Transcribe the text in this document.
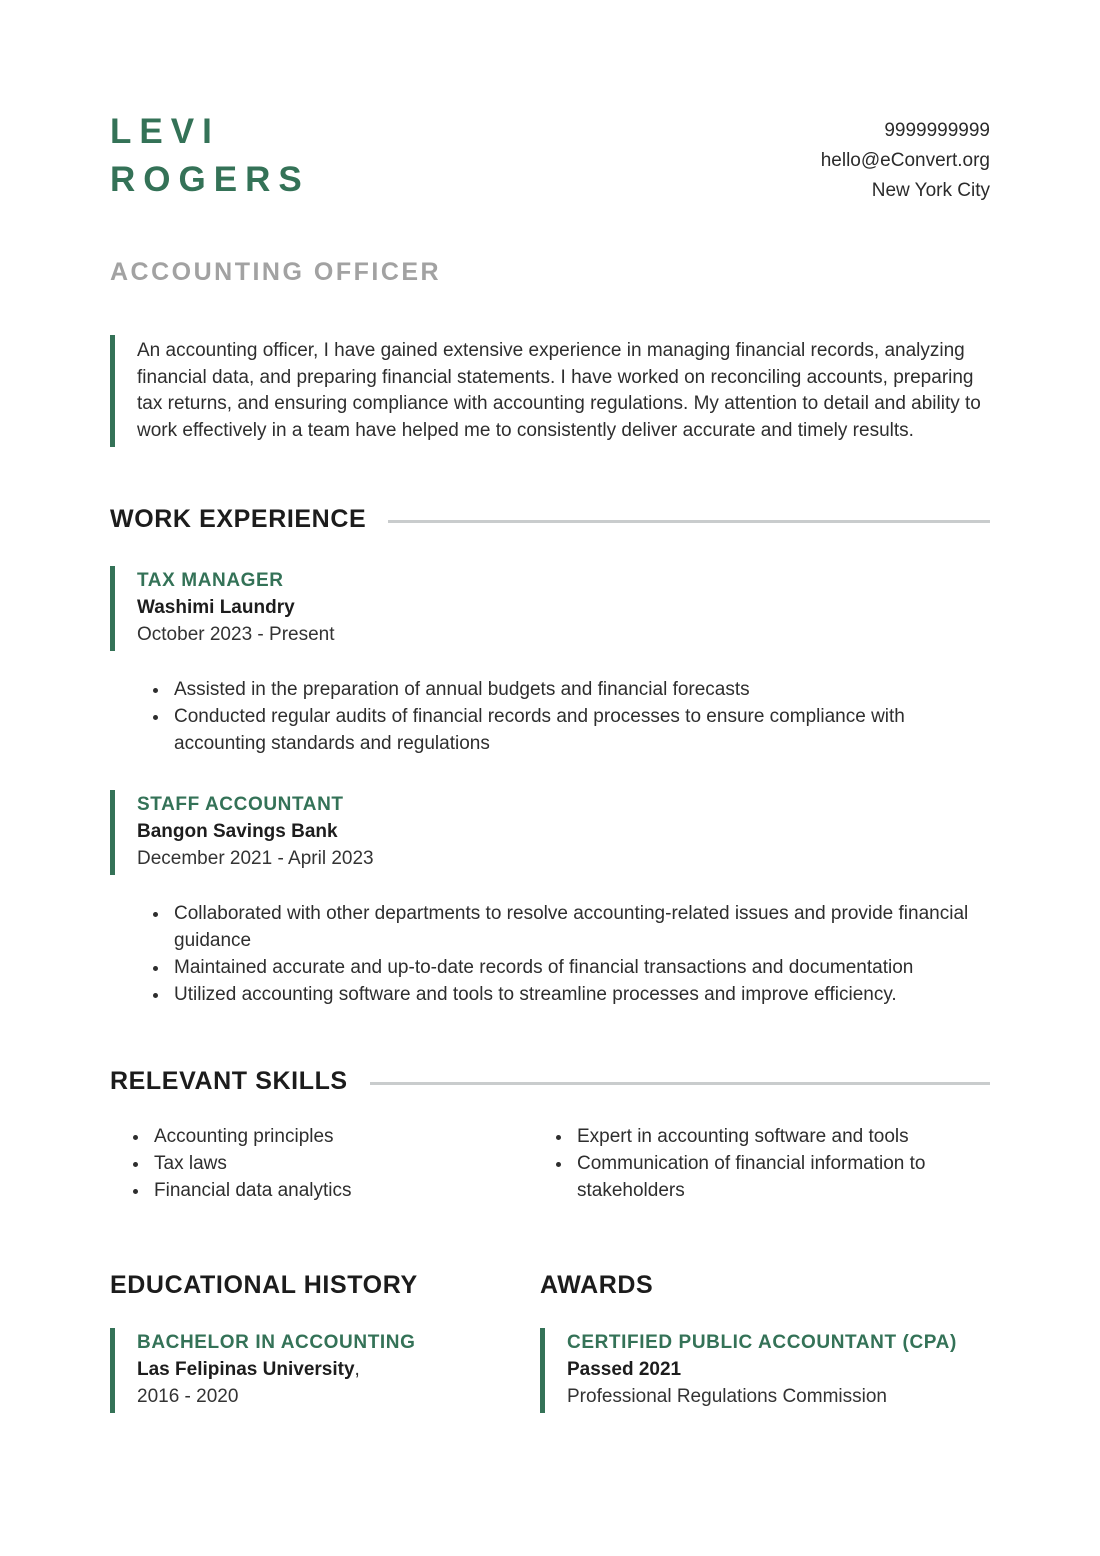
LEVI
ROGERS
9999999999
hello@eConvert.org
New York City
ACCOUNTING OFFICER
An accounting officer, I have gained extensive experience in managing financial records, analyzing financial data, and preparing financial statements. I have worked on reconciling accounts, preparing tax returns, and ensuring compliance with accounting regulations. My attention to detail and ability to work effectively in a team have helped me to consistently deliver accurate and timely results.
WORK EXPERIENCE
TAX MANAGER
Washimi Laundry
October 2023 - Present
• Assisted in the preparation of annual budgets and financial forecasts
• Conducted regular audits of financial records and processes to ensure compliance with accounting standards and regulations
STAFF ACCOUNTANT
Bangon Savings Bank
December 2021 - April 2023
• Collaborated with other departments to resolve accounting-related issues and provide financial guidance
• Maintained accurate and up-to-date records of financial transactions and documentation
• Utilized accounting software and tools to streamline processes and improve efficiency.
RELEVANT SKILLS
• Accounting principles
• Tax laws
• Financial data analytics
• Expert in accounting software and tools
• Communication of financial information to stakeholders
EDUCATIONAL HISTORY
BACHELOR IN ACCOUNTING
Las Felipinas University,
2016 - 2020
AWARDS
CERTIFIED PUBLIC ACCOUNTANT (CPA)
Passed 2021
Professional Regulations Commission
